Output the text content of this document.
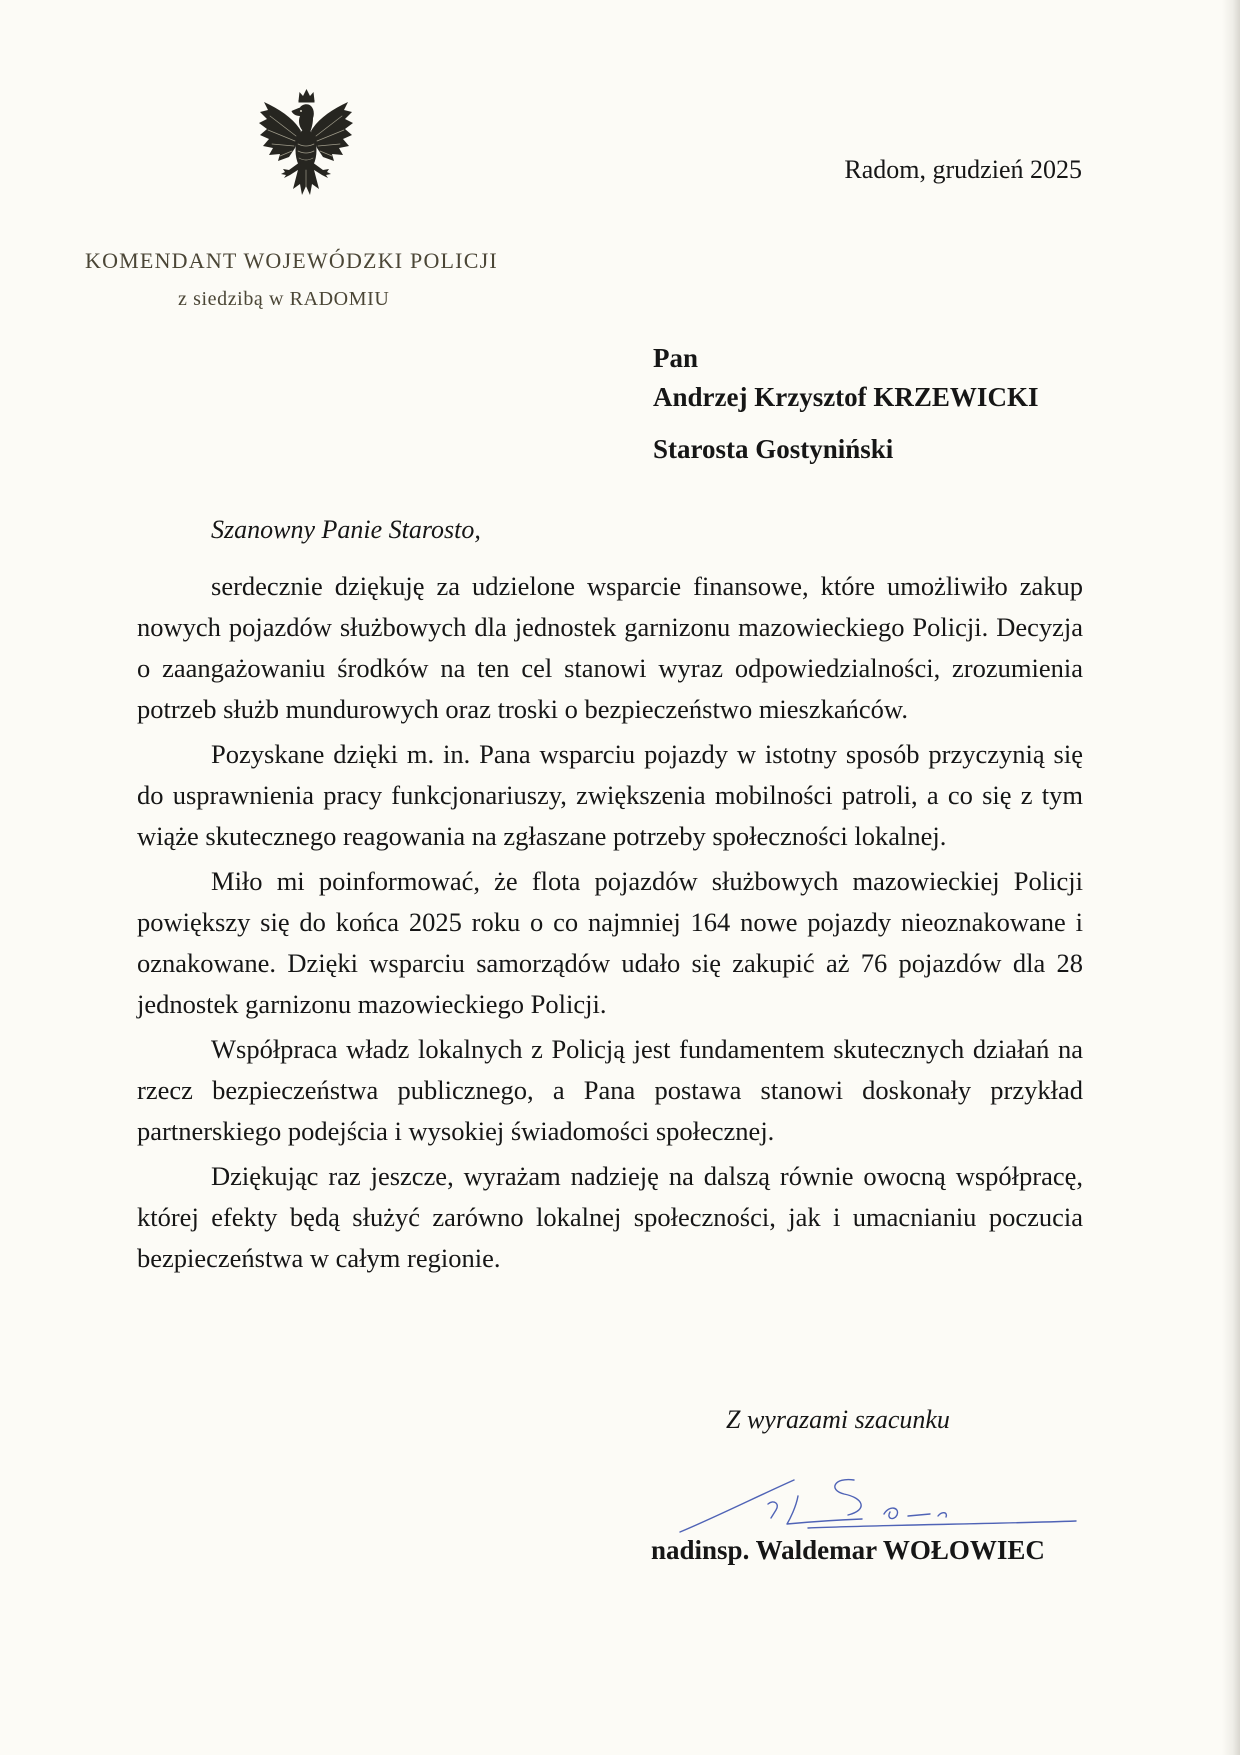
Radom, grudzień 2025
KOMENDANT WOJEWÓDZKI POLICJI
z siedzibą w RADOMIU
Pan
Andrzej Krzysztof KRZEWICKI
Starosta Gostyniński
Szanowny Panie Starosto,

serdecznie dziękuję za udzielone wsparcie finansowe, które umożliwiło zakup nowych pojazdów służbowych dla jednostek garnizonu mazowieckiego Policji. Decyzja o zaangażowaniu środków na ten cel stanowi wyraz odpowiedzialności, zrozumienia potrzeb służb mundurowych oraz troski o bezpieczeństwo mieszkańców.

Pozyskane dzięki m. in. Pana wsparciu pojazdy w istotny sposób przyczynią się do usprawnienia pracy funkcjonariuszy, zwiększenia mobilności patroli, a co się z tym wiąże skutecznego reagowania na zgłaszane potrzeby społeczności lokalnej.

Miło mi poinformować, że flota pojazdów służbowych mazowieckiej Policji powiększy się do końca 2025 roku o co najmniej 164 nowe pojazdy nieoznakowane i oznakowane. Dzięki wsparciu samorządów udało się zakupić aż 76 pojazdów dla 28 jednostek garnizonu mazowieckiego Policji.

Współpraca władz lokalnych z Policją jest fundamentem skutecznych działań na rzecz bezpieczeństwa publicznego, a Pana postawa stanowi doskonały przykład partnerskiego podejścia i wysokiej świadomości społecznej.

Dziękując raz jeszcze, wyrażam nadzieję na dalszą równie owocną współpracę, której efekty będą służyć zarówno lokalnej społeczności, jak i umacnianiu poczucia bezpieczeństwa w całym regionie.

Z wyrazami szacunku
nadinsp. Waldemar WOŁOWIEC
